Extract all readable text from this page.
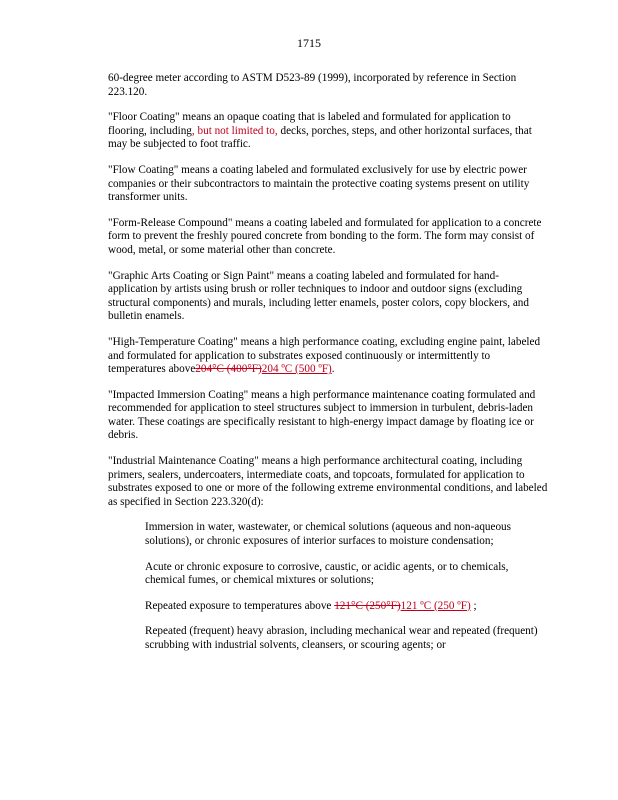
1715

60-degree meter according to ASTM D523-89 (1999), incorporated by reference in Section 223.120.

"Floor Coating" means an opaque coating that is labeled and formulated for application to flooring, including, but not limited to, decks, porches, steps, and other horizontal surfaces, that may be subjected to foot traffic.

"Flow Coating" means a coating labeled and formulated exclusively for use by electric power companies or their subcontractors to maintain the protective coating systems present on utility transformer units.

"Form-Release Compound" means a coating labeled and formulated for application to a concrete form to prevent the freshly poured concrete from bonding to the form. The form may consist of wood, metal, or some material other than concrete.

"Graphic Arts Coating or Sign Paint" means a coating labeled and formulated for hand-application by artists using brush or roller techniques to indoor and outdoor signs (excluding structural components) and murals, including letter enamels, poster colors, copy blockers, and bulletin enamels.

"High-Temperature Coating" means a high performance coating, excluding engine paint, labeled and formulated for application to substrates exposed continuously or intermittently to temperatures above204°C (400°F)204 ºC (500 ºF).

"Impacted Immersion Coating" means a high performance maintenance coating formulated and recommended for application to steel structures subject to immersion in turbulent, debris-laden water. These coatings are specifically resistant to high-energy impact damage by floating ice or debris.

"Industrial Maintenance Coating" means a high performance architectural coating, including primers, sealers, undercoaters, intermediate coats, and topcoats, formulated for application to substrates exposed to one or more of the following extreme environmental conditions, and labeled as specified in Section 223.320(d):

Immersion in water, wastewater, or chemical solutions (aqueous and non-aqueous solutions), or chronic exposures of interior surfaces to moisture condensation;

Acute or chronic exposure to corrosive, caustic, or acidic agents, or to chemicals, chemical fumes, or chemical mixtures or solutions;

Repeated exposure to temperatures above 121°C (250°F)121 ºC (250 ºF) ;

Repeated (frequent) heavy abrasion, including mechanical wear and repeated (frequent) scrubbing with industrial solvents, cleansers, or scouring agents; or
